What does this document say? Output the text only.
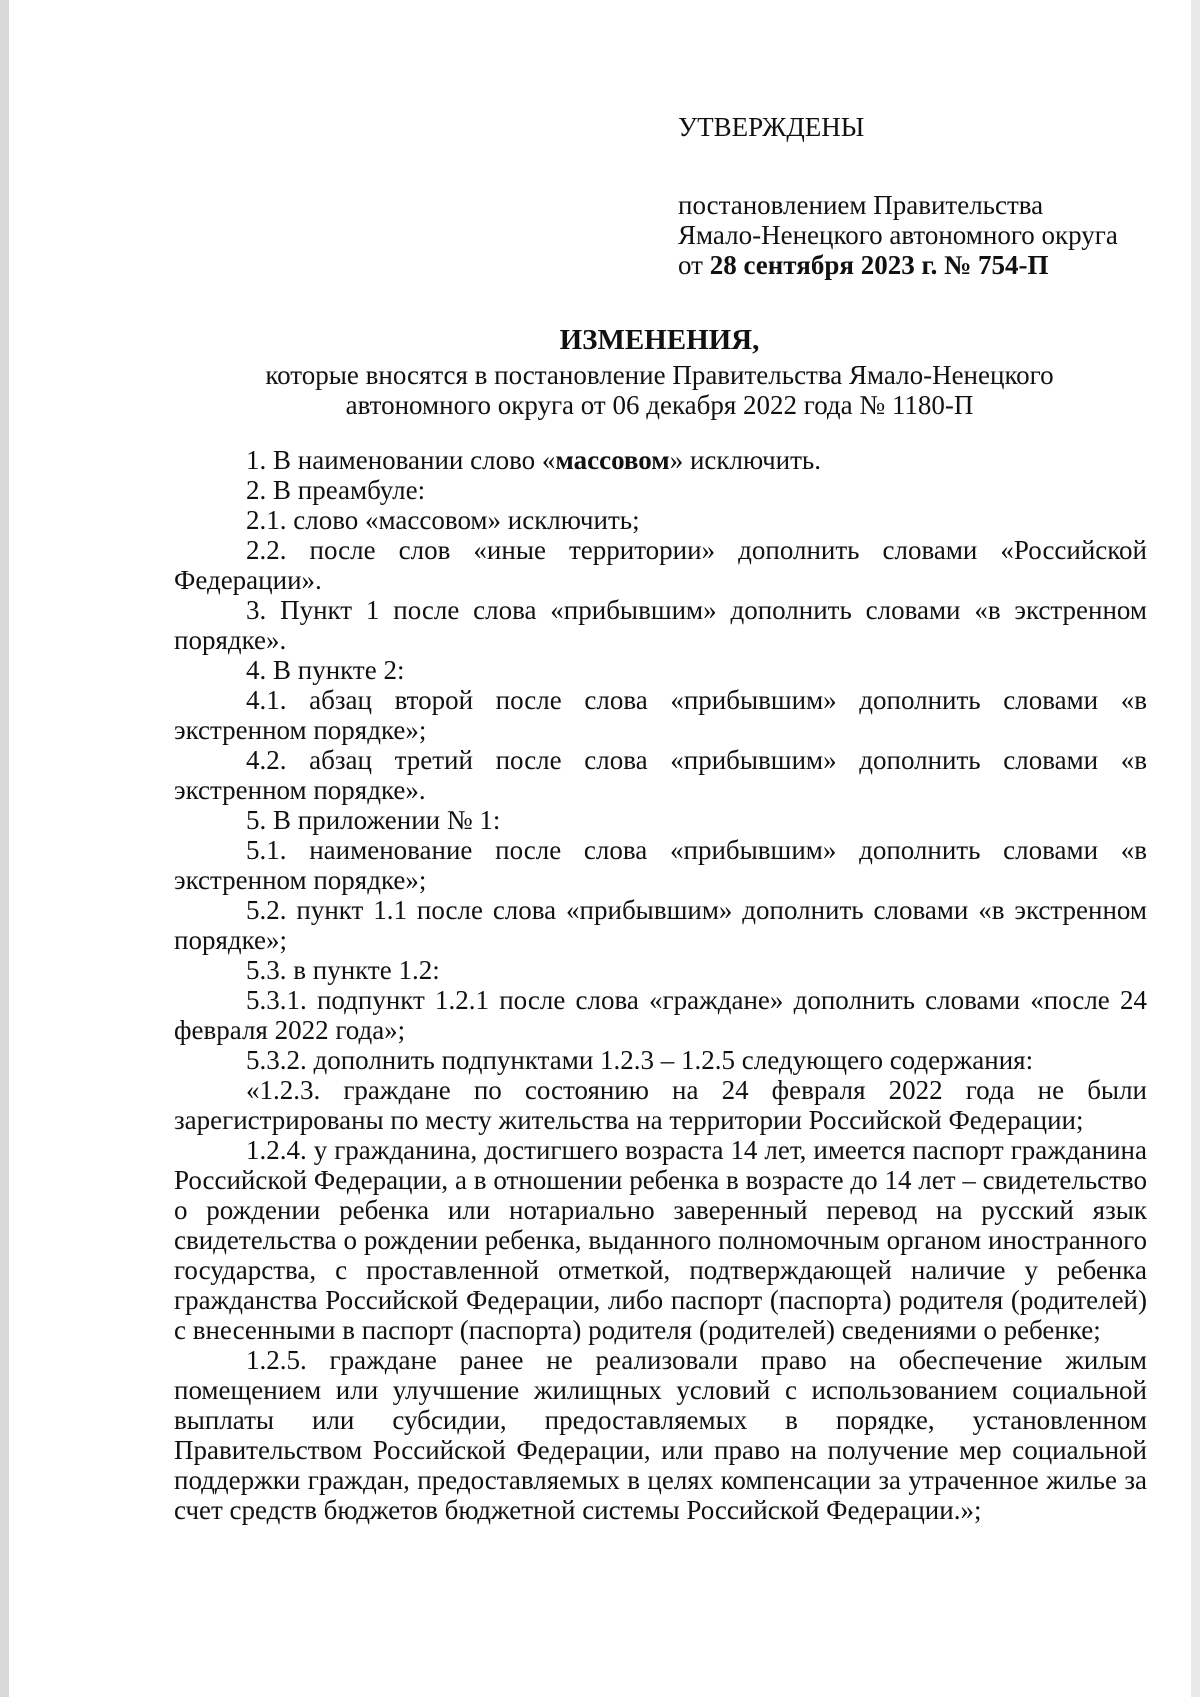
УТВЕРЖДЕНЫ
постановлением Правительства
Ямало-Ненецкого автономного округа
от 28 сентября 2023 г. № 754-П
ИЗМЕНЕНИЯ,
которые вносятся в постановление Правительства Ямало-Ненецкого
автономного округа от 06 декабря 2022 года № 1180-П

1. В наименовании слово «массовом» исключить.

2. В преамбуле:

2.1. слово «массовом» исключить;

2.2. после слов «иные территории» дополнить словами «Российской Федерации».

3. Пункт 1 после слова «прибывшим» дополнить словами «в экстренном порядке».

4. В пункте 2:

4.1. абзац второй после слова «прибывшим» дополнить словами «в экстренном порядке»;

4.2. абзац третий после слова «прибывшим» дополнить словами «в экстренном порядке».

5. В приложении № 1:

5.1. наименование после слова «прибывшим» дополнить словами «в экстренном порядке»;

5.2. пункт 1.1 после слова «прибывшим» дополнить словами «в экстренном порядке»;

5.3. в пункте 1.2:

5.3.1. подпункт 1.2.1 после слова «граждане» дополнить словами «после 24 февраля 2022 года»;

5.3.2. дополнить подпунктами 1.2.3 – 1.2.5 следующего содержания:

«1.2.3. граждане по состоянию на 24 февраля 2022 года не были зарегистрированы по месту жительства на территории Российской Федерации;

1.2.4. у гражданина, достигшего возраста 14 лет, имеется паспорт гражданина Российской Федерации, а в отношении ребенка в возрасте до 14 лет – свидетельство о рождении ребенка или нотариально заверенный перевод на русский язык свидетельства о рождении ребенка, выданного полномочным органом иностранного государства, с проставленной отметкой, подтверждающей наличие у ребенка гражданства Российской Федерации, либо паспорт (паспорта) родителя (родителей) с внесенными в паспорт (паспорта) родителя (родителей) сведениями о ребенке;

1.2.5. граждане ранее не реализовали право на обеспечение жилым помещением или улучшение жилищных условий с использованием социальной выплаты или субсидии, предоставляемых в порядке, установленном Правительством Российской Федерации, или право на получение мер социальной поддержки граждан, предоставляемых в целях компенсации за утраченное жилье за счет средств бюджетов бюджетной системы Российской Федерации.»;
